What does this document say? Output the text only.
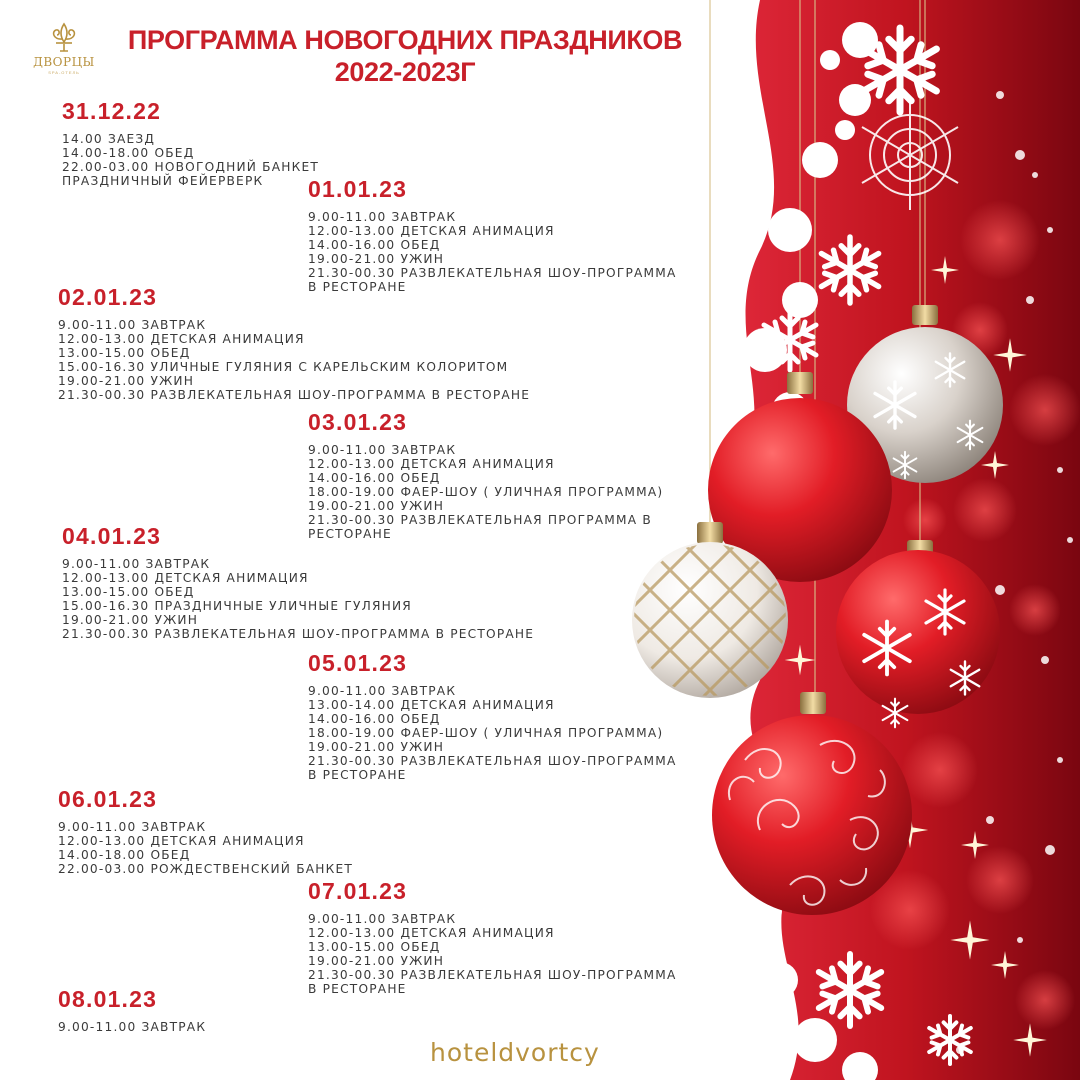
ДВОРЦЫ
SPA-ОТЕЛЬ
ПРОГРАММА НОВОГОДНИХ ПРАЗДНИКОВ
2022-2023Г
31.12.22
14.00 ЗАЕЗД
14.00-18.00 ОБЕД
22.00-03.00 НОВОГОДНИЙ БАНКЕТ
ПРАЗДНИЧНЫЙ ФЕЙЕРВЕРК	01.01.23
9.00-11.00 ЗАВТРАК
12.00-13.00 ДЕТСКАЯ АНИМАЦИЯ
14.00-16.00 ОБЕД
19.00-21.00 УЖИН
21.30-00.30 РАЗВЛЕКАТЕЛЬНАЯ ШОУ-ПРОГРАММА
В РЕСТОРАНЕ
02.01.23
9.00-11.00 ЗАВТРАК
12.00-13.00 ДЕТСКАЯ АНИМАЦИЯ
13.00-15.00 ОБЕД
15.00-16.30 УЛИЧНЫЕ ГУЛЯНИЯ С КАРЕЛЬСКИМ КОЛОРИТОМ
19.00-21.00 УЖИН
21.30-00.30 РАЗВЛЕКАТЕЛЬНАЯ ШОУ-ПРОГРАММА В РЕСТОРАНЕ
03.01.23
9.00-11.00 ЗАВТРАК
12.00-13.00 ДЕТСКАЯ АНИМАЦИЯ
14.00-16.00 ОБЕД
18.00-19.00 ФАЕР-ШОУ ( УЛИЧНАЯ ПРОГРАММА)
19.00-21.00 УЖИН
21.30-00.30 РАЗВЛЕКАТЕЛЬНАЯ ПРОГРАММА В
РЕСТОРАНЕ
04.01.23
9.00-11.00 ЗАВТРАК
12.00-13.00 ДЕТСКАЯ АНИМАЦИЯ
13.00-15.00 ОБЕД
15.00-16.30 ПРАЗДНИЧНЫЕ УЛИЧНЫЕ ГУЛЯНИЯ
19.00-21.00 УЖИН
21.30-00.30 РАЗВЛЕКАТЕЛЬНАЯ ШОУ-ПРОГРАММА В РЕСТОРАНЕ
05.01.23
9.00-11.00 ЗАВТРАК
13.00-14.00 ДЕТСКАЯ АНИМАЦИЯ
14.00-16.00 ОБЕД
18.00-19.00 ФАЕР-ШОУ ( УЛИЧНАЯ ПРОГРАММА)
19.00-21.00 УЖИН
21.30-00.30 РАЗВЛЕКАТЕЛЬНАЯ ШОУ-ПРОГРАММА
В РЕСТОРАНЕ
06.01.23
9.00-11.00 ЗАВТРАК
12.00-13.00 ДЕТСКАЯ АНИМАЦИЯ
14.00-18.00 ОБЕД
22.00-03.00 РОЖДЕСТВЕНСКИЙ БАНКЕТ
07.01.23
9.00-11.00 ЗАВТРАК
12.00-13.00 ДЕТСКАЯ АНИМАЦИЯ
13.00-15.00 ОБЕД
19.00-21.00 УЖИН
21.30-00.30 РАЗВЛЕКАТЕЛЬНАЯ ШОУ-ПРОГРАММА
В РЕСТОРАНЕ
08.01.23
9.00-11.00 ЗАВТРАК
hoteldvortcy
